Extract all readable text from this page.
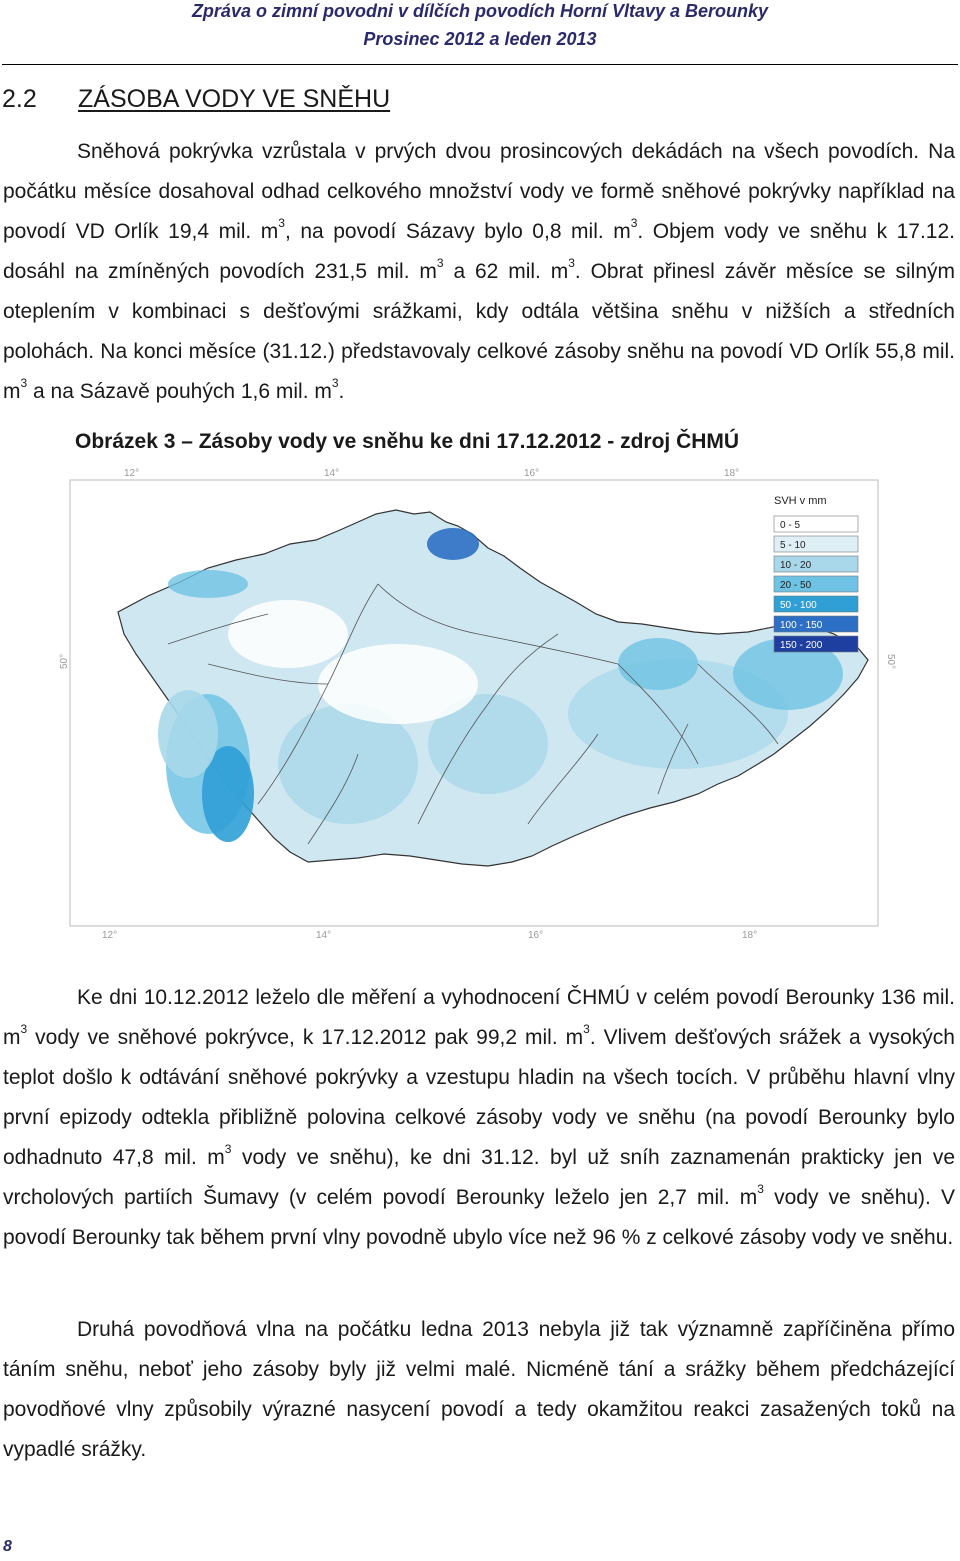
Zpráva o zimní povodni v dílčích povodích Horní Vltavy a Berounky
Prosinec 2012 a leden 2013
2.2 ZÁSOBA VODY VE SNĚHU
Sněhová pokrývka vzrůstala v prvých dvou prosincových dekádách na všech povodích. Na počátku měsíce dosahoval odhad celkového množství vody ve formě sněhové pokrývky například na povodí VD Orlík 19,4 mil. $m^3$, na povodí Sázavy bylo 0,8 mil. $m^3$. Objem vody ve sněhu k 17.12. dosáhl na zmíněných povodích 231,5 mil. $m^3$ a 62 mil. $m^3$. Obrat přinesl závěr měsíce se silným oteplením v kombinaci s dešťovými srážkami, kdy odtála většina sněhu v nižších a středních polohách. Na konci měsíce (31.12.) představovaly celkové zásoby sněhu na povodí VD Orlík 55,8 mil. $m^3$ a na Sázavě pouhých 1,6 mil. $m^3$.
Obrázek 3 – Zásoby vody ve sněhu ke dni 17.12.2012 - zdroj ČHMÚ
12°	14°	16°	18°
12°	14°	16°	18°
50°	50°
SVH v mm
0 - 5
5 - 10
10 - 20
20 - 50
50 - 100
100 - 150
150 - 200
Ke dni 10.12.2012 leželo dle měření a vyhodnocení ČHMÚ v celém povodí Berounky 136 mil. $m^3$ vody ve sněhové pokrývce, k 17.12.2012 pak 99,2 mil. $m^3$. Vlivem dešťových srážek a vysokých teplot došlo k odtávání sněhové pokrývky a vzestupu hladin na všech tocích. V průběhu hlavní vlny první epizody odtekla přibližně polovina celkové zásoby vody ve sněhu (na povodí Berounky bylo odhadnuto 47,8 mil. $m^3$ vody ve sněhu), ke dni 31.12. byl už sníh zaznamenán prakticky jen ve vrcholových partiích Šumavy (v celém povodí Berounky leželo jen 2,7 mil. $m^3$ vody ve sněhu). V povodí Berounky tak během první vlny povodně ubylo více než 96 % z celkové zásoby vody ve sněhu.
Druhá povodňová vlna na počátku ledna 2013 nebyla již tak významně zapříčiněna přímo táním sněhu, neboť jeho zásoby byly již velmi malé. Nicméně tání a srážky během předcházející povodňové vlny způsobily výrazné nasycení povodí a tedy okamžitou reakci zasažených toků na vypadlé srážky.
8
